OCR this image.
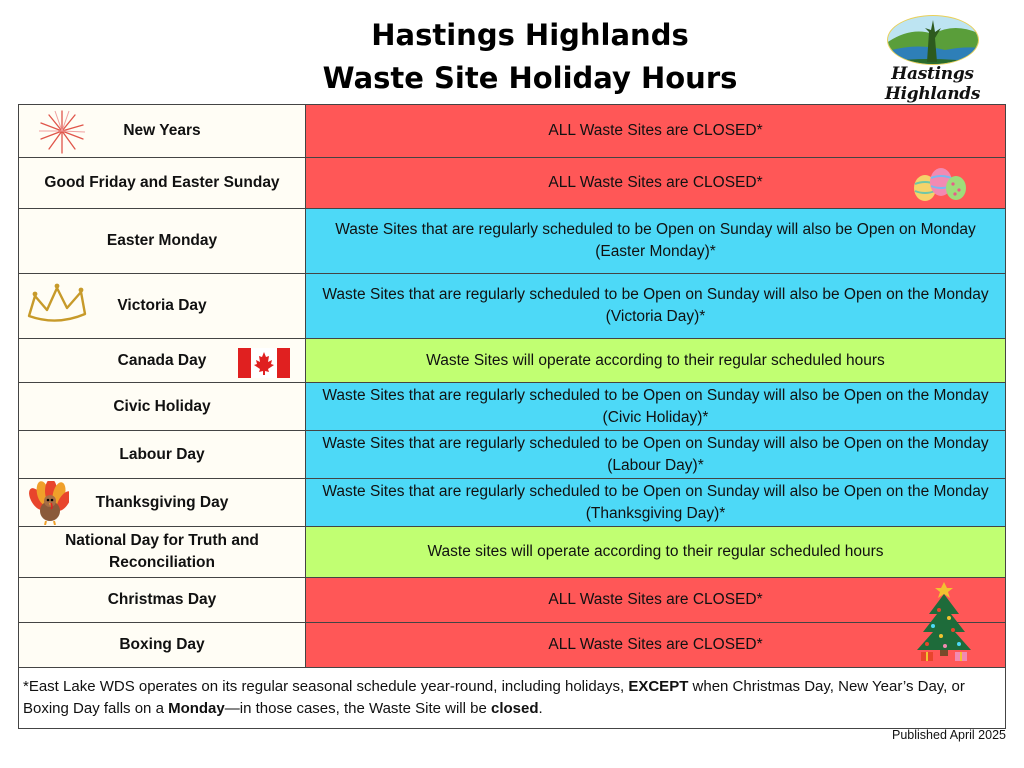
Hastings Highlands
Waste Site Holiday Hours	Hastings Highlands
New Years	ALL Waste Sites are CLOSED*
Good Friday and Easter Sunday	ALL Waste Sites are CLOSED*

Easter Monday	Waste Sites that are regularly scheduled to be Open on Sunday will also be Open on Monday (Easter Monday)*

Victoria Day	Waste Sites that are regularly scheduled to be Open on Sunday will also be Open on the Monday (Victoria Day)*
Canada Day	Waste Sites will operate according to their regular scheduled hours
Civic Holiday	Waste Sites that are regularly scheduled to be Open on Sunday will also be Open on the Monday (Civic Holiday)*
Labour Day	Waste Sites that are regularly scheduled to be Open on Sunday will also be Open on the Monday (Labour Day)*

Thanksgiving Day	Waste Sites that are regularly scheduled to be Open on Sunday will also be Open on the Monday (Thanksgiving Day)*
National Day for Truth and Reconciliation	Waste sites will operate according to their regular scheduled hours
Christmas Day	ALL Waste Sites are CLOSED*

Boxing Day	ALL Waste Sites are CLOSED*
*East Lake WDS operates on its regular seasonal schedule year-round, including holidays, EXCEPT when Christmas Day, New Year’s Day, or Boxing Day falls on a Monday—in those cases, the Waste Site will be closed.	
Published April 2025
